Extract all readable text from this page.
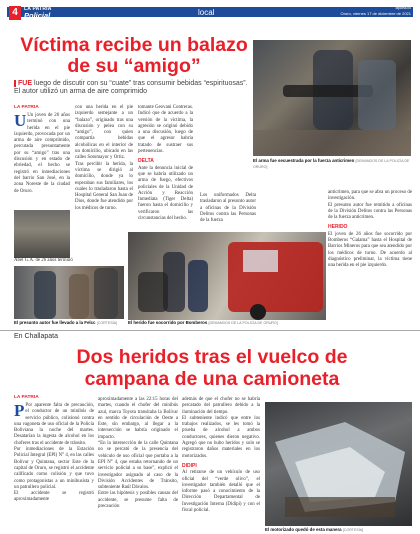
4	LA PATRIA
Policial	local	lapatria.bo
Oruro, viernes 17 de diciembre de 2021
Víctima recibe un balazo
de su “amigo”
FUE luego de discutir con su “cuate” tras consumir bebidas “espirituosas”. El autor utilizó un arma de aire comprimido
LA PATRIA

U Un joven de 26 años terminó con una herida en el pie izquierdo, provocada por un arma de aire comprimido, percutada presuntamente por su “amigo” tras una discusión y en estado de ebriedad, el hecho se registró en inmediaciones del barrio San José, en la zona Noreste de la ciudad de Oruro.

Abel G.A. de 26 años terminó
con una herida en el pie izquierdo semejante a un “balazo”, originado tras una discusión y pelea con su “amigo”, con quien compartía bebidas alcohólicas en el interior de un domicilio, ubicado en las calles Sotomayor y Ortiz.
Tras percibir la herida, la víctima se dirigió al domicilio, donde ya lo esperaban sus familiares, los cuales lo trasladaron hasta el Hospital General San Juan de Dios, donde fue atendido por los médicos de turno.

tomante Geovani Contreras.
Indicó que de acuerdo a la versión de la víctima, la agresión se originó debido a una discusión, luego de que el agresor habría tratado de sustraer sus pertenencias.

DELTA

Ante la denuncia inicial de que se habría utilizado un arma de fuego, efectivos policiales de la Unidad de Acción y Reacción Inmediata (Tiger Delta) fueron hasta el domicilio y verificaron las circunstancias del hecho.

El arma fue secuestrada por la fuerza anticrimen [DEMANDOS DE LA POLICÍA DE ORURO]
Los uniformados Delta trasladaron al presunto autor a oficinas de la División Delitos contra las Personas de la fuerza

anticrimen, para que se abra un proceso de investigación.
El presunto autor fue remitido a oficinas de la División Delitos contra las Personas de la fuerza anticrimen.

HERIDO

El joven de 26 años fue socorrido por Bomberos “Galama” hasta el Hospital de Barrios Mineros para que sea atendido por los médicos de turno. De acuerdo al diagnóstico preliminar, la víctima tiene una herida en el pie izquierdo.

El presunto autor fue llevado a la Felcc [CORTESÍA]	El herido fue socorrido por Bomberos [DEMANDOS DE LA POLICÍA DE ORURO]
En Challapata
Dos heridos tras el vuelco de
campana de una camioneta
LA PATRIA

P Por aparente falta de precaución, el conductor de un minibús de servicio público, colisionó contra una vagoneta de uso oficial de la Policía Boliviana la noche del martes. Desatarían la ingesta de alcohol en los choferes tras el accidente de tránsito.
Por inmediaciones de la Estación Policial Integral (EPI) N° 4, en las calles Bolívar y Quintana, sector Este de la capital de Oruro, se registró el accidente calificado como colisión y que tuvo como protagonistas a un minibusista y un patrullero policial.
El accidente se registró aproximadamente

aproximadamente a las 22:15 horas del martes, cuando el chofer del minibús azul, marca Toyota transitaba la Bolívar en sentido de circulación de Oeste a Este, sin embargo, al llegar a la intersección se habría originado el impacto.
“En la intersección de la calle Quintana no se percató de la presencia del vehículo de uso oficial que portaba a la EPI N° 4, que estaba retornando de un servicio policial a su base”, explicó el investigador asignado al caso de la División Accidentes de Tránsito, subteniente Raúl Dávalos.
Entre las hipótesis y posibles causas del accidente, se presume falta de precaución

además de que el chofer no se habría percatado del patrullero debido a la iluminación del tiempo.
El subteniente indicó que entre los trabajos realizados, se les tomó la prueba de alcohol a ambos conductores, quienes dieron negativo. Agregó que no hubo heridos y solo se registraron daños materiales en los motorizados.

DIDIPI

Al retirarse de un vehículo de uso oficial del “verde olivo”, el investigador también detalló que el informe pasó a conocimiento de la Dirección Departamental de Investigación Interna (Didipi) y con el fiscal policial.

El motorizado quedó de esta manera [CORTESÍA]
